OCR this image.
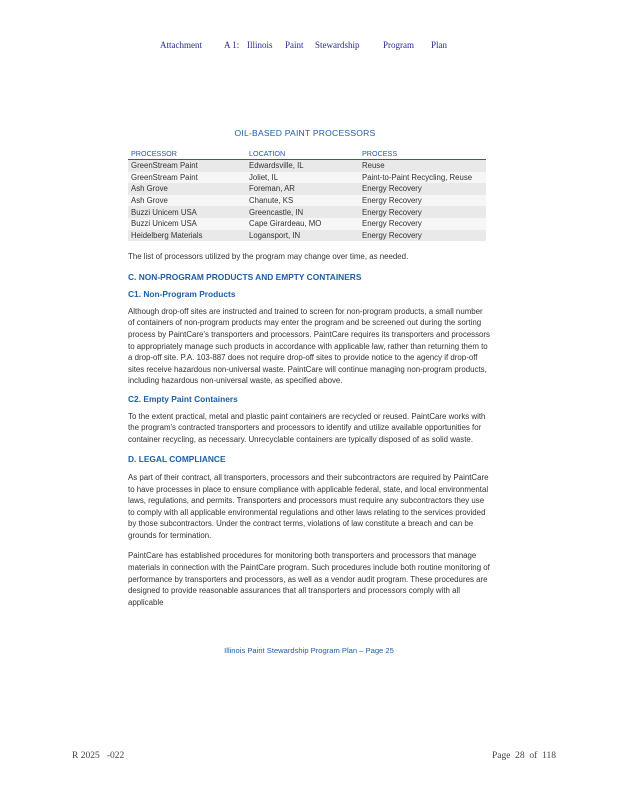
Attachment A 1: Illinois Paint Stewardship	Program Plan
OIL-BASED PAINT PROCESSORS
PROCESSOR	LOCATION	PROCESS
GreenStream Paint	Edwardsville, IL	Reuse
GreenStream Paint	Joliet, IL	Paint-to-Paint Recycling, Reuse
Ash Grove	Foreman, AR	Energy Recovery
Ash Grove	Chanute, KS	Energy Recovery
Buzzi Unicem USA	Greencastle, IN	Energy Recovery
Buzzi Unicem USA	Cape Girardeau, MO	Energy Recovery
Heidelberg Materials	Logansport, IN	Energy Recovery

The list of processors utilized by the program may change over time, as needed.

C. NON-PROGRAM PRODUCTS AND EMPTY CONTAINERS
C1. Non-Program Products

Although drop-off sites are instructed and trained to screen for non-program products, a small number of containers of non-program products may enter the program and be screened out during the sorting process by PaintCare's transporters and processors. PaintCare requires its transporters and processors to appropriately manage such products in accordance with applicable law, rather than returning them to a drop-off site. P.A. 103-887 does not require drop-off sites to provide notice to the agency if drop-off sites receive hazardous non-universal waste. PaintCare will continue managing non-program products, including hazardous non-universal waste, as specified above.

C2. Empty Paint Containers

To the extent practical, metal and plastic paint containers are recycled or reused. PaintCare works with the program's contracted transporters and processors to identify and utilize available opportunities for container recycling, as necessary. Unrecyclable containers are typically disposed of as solid waste.

D. LEGAL COMPLIANCE

As part of their contract, all transporters, processors and their subcontractors are required by PaintCare to have processes in place to ensure compliance with applicable federal, state, and local environmental laws, regulations, and permits. Transporters and processors must require any subcontractors they use to comply with all applicable environmental regulations and other laws relating to the services provided by those subcontractors. Under the contract terms, violations of law constitute a breach and can be grounds for termination.

PaintCare has established procedures for monitoring both transporters and processors that manage materials in connection with the PaintCare program. Such procedures include both routine monitoring of performance by transporters and processors, as well as a vendor audit program. These procedures are designed to provide reasonable assurances that all transporters and processors comply with all applicable

Illinois Paint Stewardship Program Plan – Page 25
R 2025   -022	Page  28  of  118
